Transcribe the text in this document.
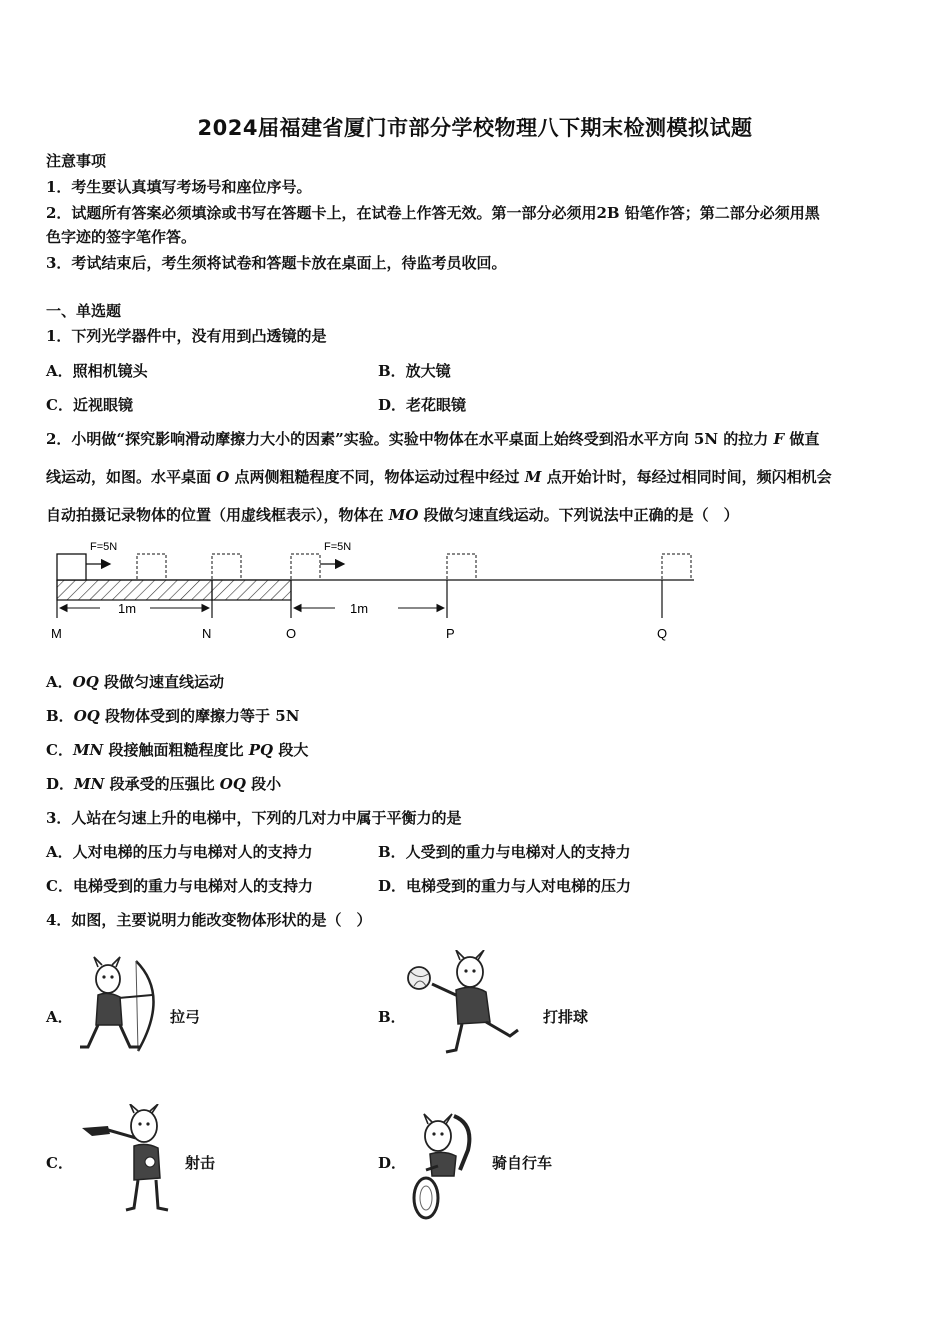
2024届福建省厦门市部分学校物理八下期末检测模拟试题
注意事项
1．考生要认真填写考场号和座位序号。
2．试题所有答案必须填涂或书写在答题卡上，在试卷上作答无效。第一部分必须用2B 铅笔作答；第二部分必须用黑
色字迹的签字笔作答。
3．考试结束后，考生须将试卷和答题卡放在桌面上，待监考员收回。
一、单选题
1．下列光学器件中，没有用到凸透镜的是
A．照相机镜头	B．放大镜
C．近视眼镜	D．老花眼镜
2．小明做“探究影响滑动摩擦力大小的因素”实验。实验中物体在水平桌面上始终受到沿水平方向 5N 的拉力 F 做直
线运动，如图。水平桌面 O 点两侧粗糙程度不同，物体运动过程中经过 M 点开始计时，每经过相同时间，频闪相机会
自动拍摄记录物体的位置（用虚线框表示），物体在 MO 段做匀速直线运动。下列说法中正确的是（　）
F=5N	F=5N
1m	1m
M	N	O	P	Q
A．OQ 段做匀速直线运动
B．OQ 段物体受到的摩擦力等于 5N
C．MN 段接触面粗糙程度比 PQ 段大
D．MN 段承受的压强比 OQ 段小
3．人站在匀速上升的电梯中，下列的几对力中属于平衡力的是
A．人对电梯的压力与电梯对人的支持力	B．人受到的重力与电梯对人的支持力
C．电梯受到的重力与电梯对人的支持力	D．电梯受到的重力与人对电梯的压力
4．如图，主要说明力能改变物体形状的是（　）
A．	拉弓	B．	打排球
C．	射击	D．	骑自行车
